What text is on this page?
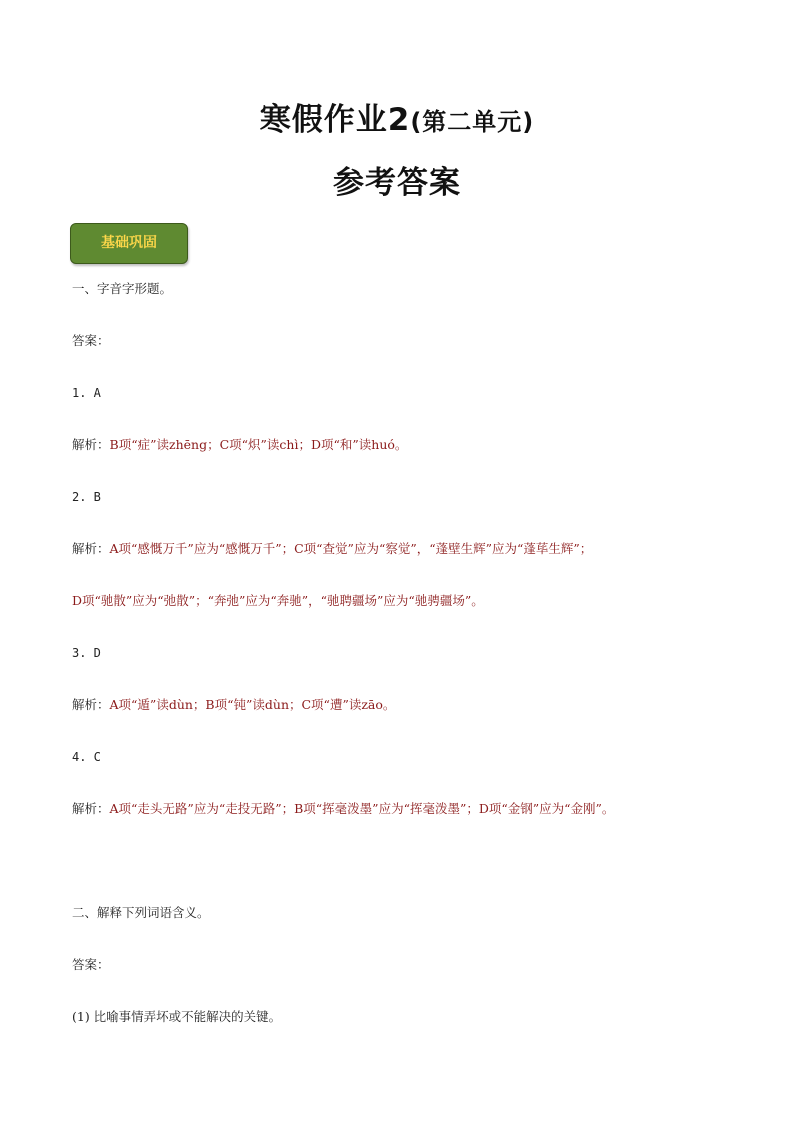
寒假作业2(第二单元)
参考答案
基础巩固
一、字音字形题。
答案：
1. A
解析：B项“症”读zhēng；C项“炽”读chì；D项“和”读huó。
2. B
解析：A项“感慨万千”应为“感慨万千”；C项“查觉”应为“察觉”，“蓬壁生辉”应为“蓬荜生辉”；
D项“驰散”应为“弛散”；“奔弛”应为“奔驰”，“驰聘疆场”应为“驰骋疆场”。
3. D
解析：A项“遁”读dùn；B项“钝”读dùn；C项“遭”读zāo。
4. C
解析：A项“走头无路”应为“走投无路”；B项“挥毫泼墨”应为“挥毫泼墨”；D项“金钢”应为“金刚”。
二、解释下列词语含义。
答案：
(1) 比喻事情弄坏或不能解决的关键。
